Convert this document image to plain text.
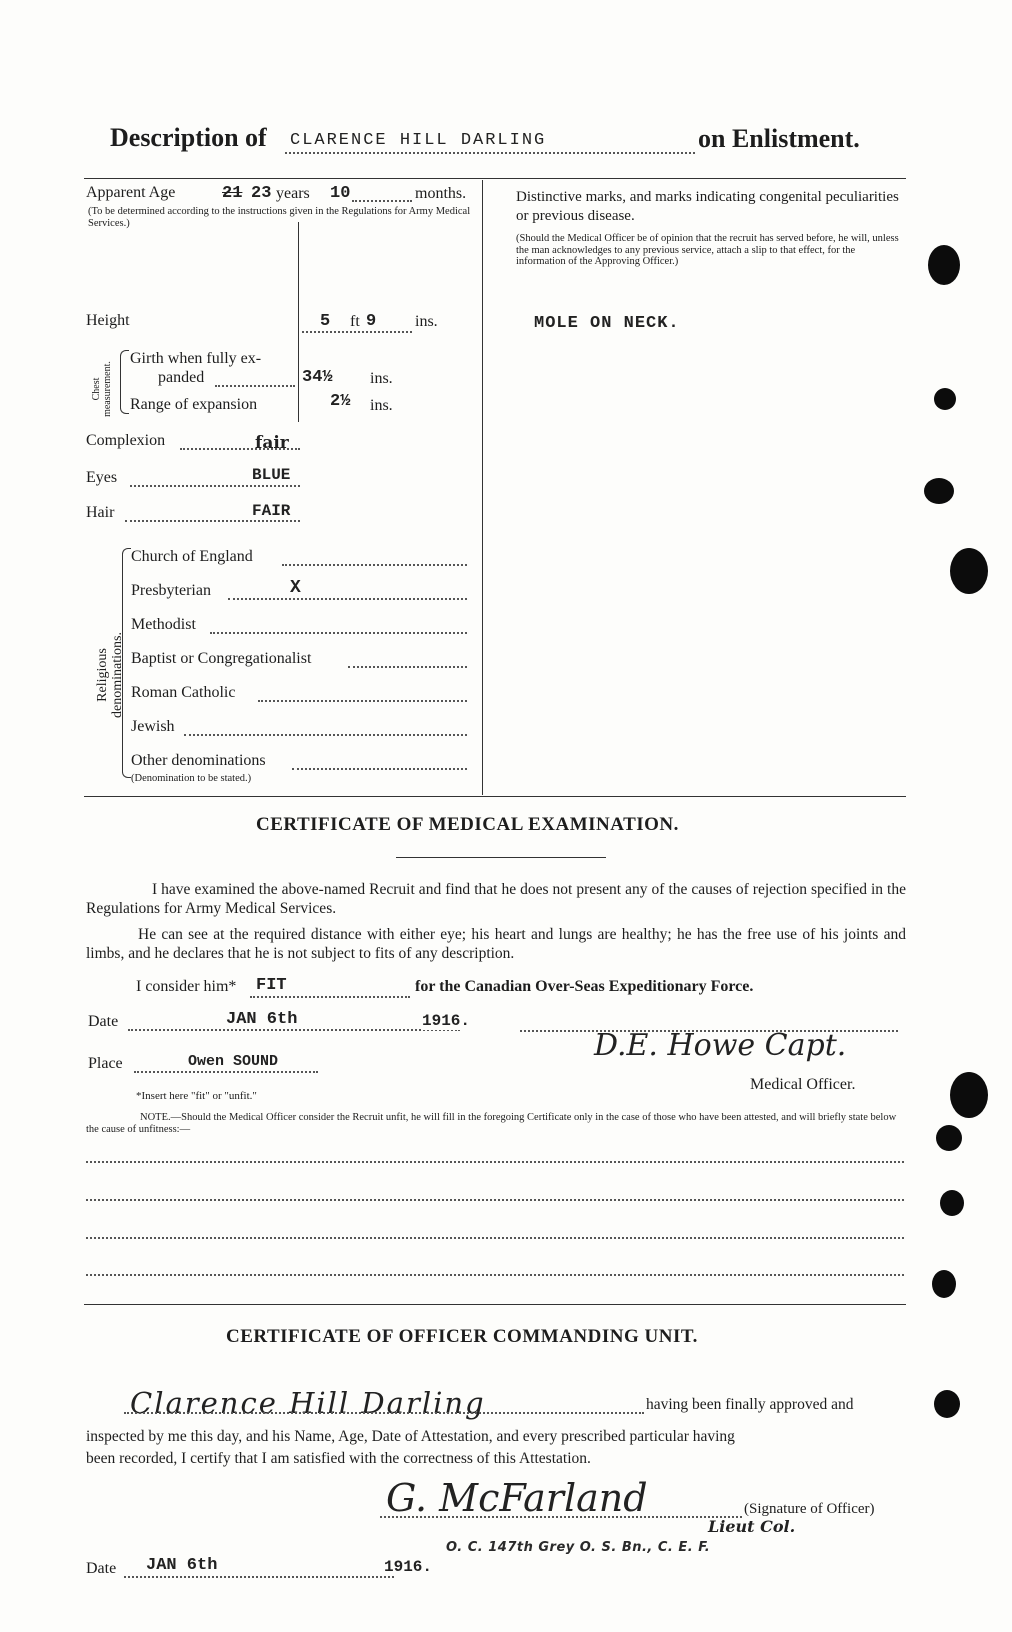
Description of CLARENCE HILL DARLING	on Enlistment.
Apparent Age	21 23 years 10	months.
(To be determined according to the instructions given in the Regulations for Army Medical Services.)
Height	5 ft 9 ins.
Chest measurement.
Girth when fully ex-
panded	34½ ins.
Range of expansion	2½ ins.
Complexion	fair
Eyes	BLUE
Hair	FAIR
Religious denominations.
Church of England
Presbyterian	X
Methodist
Baptist or Congregationalist
Roman Catholic
Jewish
Other denominations
(Denomination to be stated.)
Distinctive marks, and marks indicating congenital peculiarities or previous disease.
(Should the Medical Officer be of opinion that the recruit has served before, he will, unless the man acknowledges to any previous service, attach a slip to that effect, for the information of the Approving Officer.)
MOLE ON NECK.
CERTIFICATE OF MEDICAL EXAMINATION.
I have examined the above-named Recruit and find that he does not present any of the causes of rejection specified in the Regulations for Army Medical Services.
He can see at the required distance with either eye; his heart and lungs are healthy; he has the free use of his joints and limbs, and he declares that he is not subject to fits of any description.
I consider him* FIT	for the Canadian Over-Seas Expeditionary Force.
Date	JAN 6th	1916.
Place	Owen SOUND	D.E. Howe Capt.
Medical Officer.
*Insert here "fit" or "unfit."
NOTE.—Should the Medical Officer consider the Recruit unfit, he will fill in the foregoing Certificate only in the case of those who have been attested, and will briefly state below the cause of unfitness:—
CERTIFICATE OF OFFICER COMMANDING UNIT.
Clarence Hill Darling	having been finally approved and
inspected by me this day, and his Name, Age, Date of Attestation, and every prescribed particular having
been recorded, I certify that I am satisfied with the correctness of this Attestation.
G. McFarland	(Signature of Officer)
Lieut Col.
O. C. 147th Grey O. S. Bn., C. E. F.
Date JAN 6th	1916.
